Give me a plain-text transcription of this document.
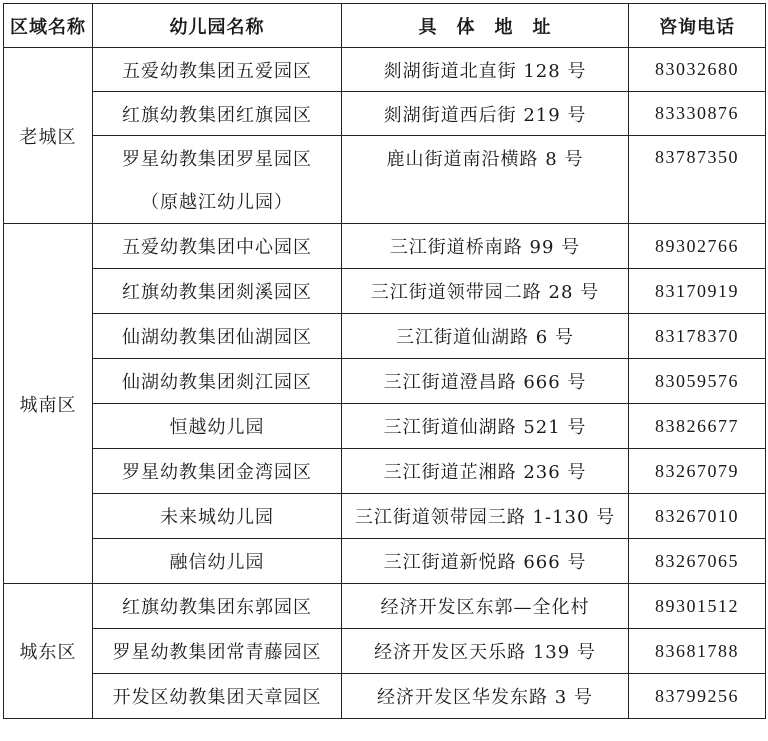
区域名称	幼儿园名称	具　体　地　址	咨询电话
老城区	五爱幼教集团五爱园区	剡湖街道北直街 128 号	83032680
	红旗幼教集团红旗园区	剡湖街道西后街 219 号	83330876
	罗星幼教集团罗星园区	鹿山街道南沿横路 8 号	83787350
	（原越江幼儿园）		
城南区	五爱幼教集团中心园区	三江街道桥南路 99 号	89302766
	红旗幼教集团剡溪园区	三江街道领带园二路 28 号	83170919
	仙湖幼教集团仙湖园区	三江街道仙湖路 6 号	83178370
	仙湖幼教集团剡江园区	三江街道澄昌路 666 号	83059576
	恒越幼儿园	三江街道仙湖路 521 号	83826677
	罗星幼教集团金湾园区	三江街道芷湘路 236 号	83267079
	未来城幼儿园	三江街道领带园三路 1-130 号	83267010
	融信幼儿园	三江街道新悦路 666 号	83267065
城东区	红旗幼教集团东郭园区	经济开发区东郭—全化村	89301512
	罗星幼教集团常青藤园区	经济开发区天乐路 139 号	83681788
	开发区幼教集团天章园区	经济开发区华发东路 3 号	83799256
